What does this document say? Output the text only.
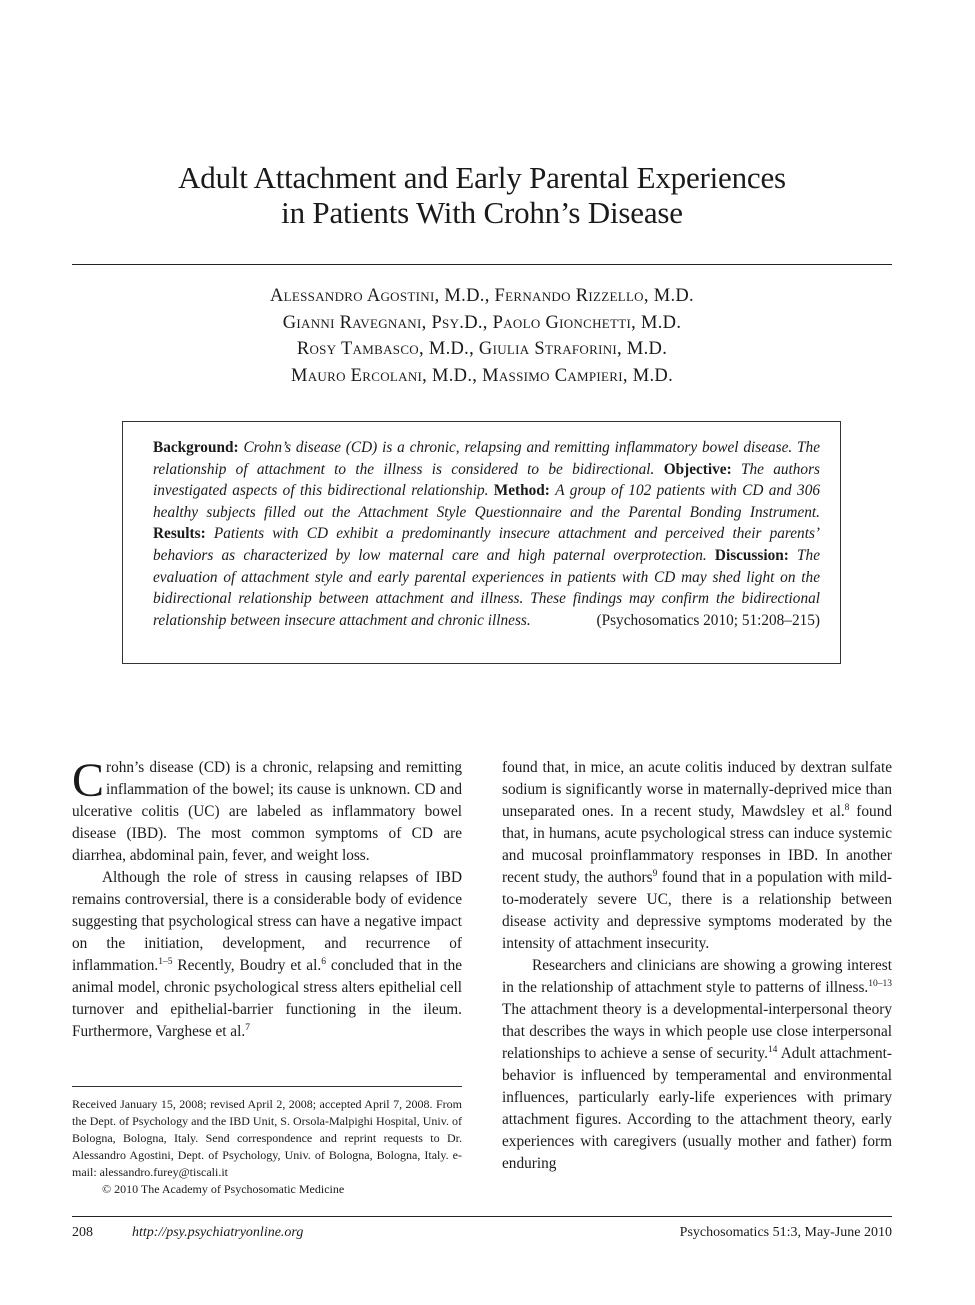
Adult Attachment and Early Parental Experiences
in Patients With Crohn’s Disease
Alessandro Agostini, M.D., Fernando Rizzello, M.D.
Gianni Ravegnani, Psy.D., Paolo Gionchetti, M.D.
Rosy Tambasco, M.D., Giulia Straforini, M.D.
Mauro Ercolani, M.D., Massimo Campieri, M.D.
Background: Crohn’s disease (CD) is a chronic, relapsing and remitting inflammatory bowel disease. The relationship of attachment to the illness is considered to be bidirectional. Objective: The authors investigated aspects of this bidirectional relationship. Method: A group of 102 patients with CD and 306 healthy subjects filled out the Attachment Style Questionnaire and the Parental Bonding Instrument. Results: Patients with CD exhibit a predominantly insecure attachment and perceived their parents’ behaviors as characterized by low maternal care and high paternal overprotection. Discussion: The evaluation of attachment style and early parental experiences in patients with CD may shed light on the bidirectional relationship between attachment and illness. These findings may confirm the bidirectional relationship between insecure attachment and chronic illness.	(Psychosomatics 2010; 51:208–215)

Crohn’s disease (CD) is a chronic, relapsing and remitting inflammation of the bowel; its cause is unknown. CD and ulcerative colitis (UC) are labeled as inflammatory bowel disease (IBD). The most common symptoms of CD are diarrhea, abdominal pain, fever, and weight loss.

Although the role of stress in causing relapses of IBD remains controversial, there is a considerable body of evidence suggesting that psychological stress can have a negative impact on the initiation, development, and recurrence of inflammation.$^{1-5}$ Recently, Boudry et al.$^6$ concluded that in the animal model, chronic psychological stress alters epithelial cell turnover and epithelial-barrier functioning in the ileum. Furthermore, Varghese et al.$^7$

found that, in mice, an acute colitis induced by dextran sulfate sodium is significantly worse in maternally-deprived mice than unseparated ones. In a recent study, Mawdsley et al.$^8$ found that, in humans, acute psychological stress can induce systemic and mucosal proinflammatory responses in IBD. In another recent study, the authors$^9$ found that in a population with mild-to-moderately severe UC, there is a relationship between disease activity and depressive symptoms moderated by the intensity of attachment insecurity.

Researchers and clinicians are showing a growing interest in the relationship of attachment style to patterns of illness.$^{10-13}$ The attachment theory is a developmental-interpersonal theory that describes the ways in which people use close interpersonal relationships to achieve a sense of security.$^{14}$ Adult attachment-behavior is influenced by temperamental and environmental influences, particularly early-life experiences with primary attachment figures. According to the attachment theory, early experiences with caregivers (usually mother and father) form enduring

Received January 15, 2008; revised April 2, 2008; accepted April 7, 2008. From the Dept. of Psychology and the IBD Unit, S. Orsola-Malpighi Hospital, Univ. of Bologna, Bologna, Italy. Send correspondence and reprint requests to Dr. Alessandro Agostini, Dept. of Psychology, Univ. of Bologna, Bologna, Italy. e-mail: alessandro.furey@tiscali.it

© 2010 The Academy of Psychosomatic Medicine

208	http://psy.psychiatryonline.org	Psychosomatics 51:3, May-June 2010
